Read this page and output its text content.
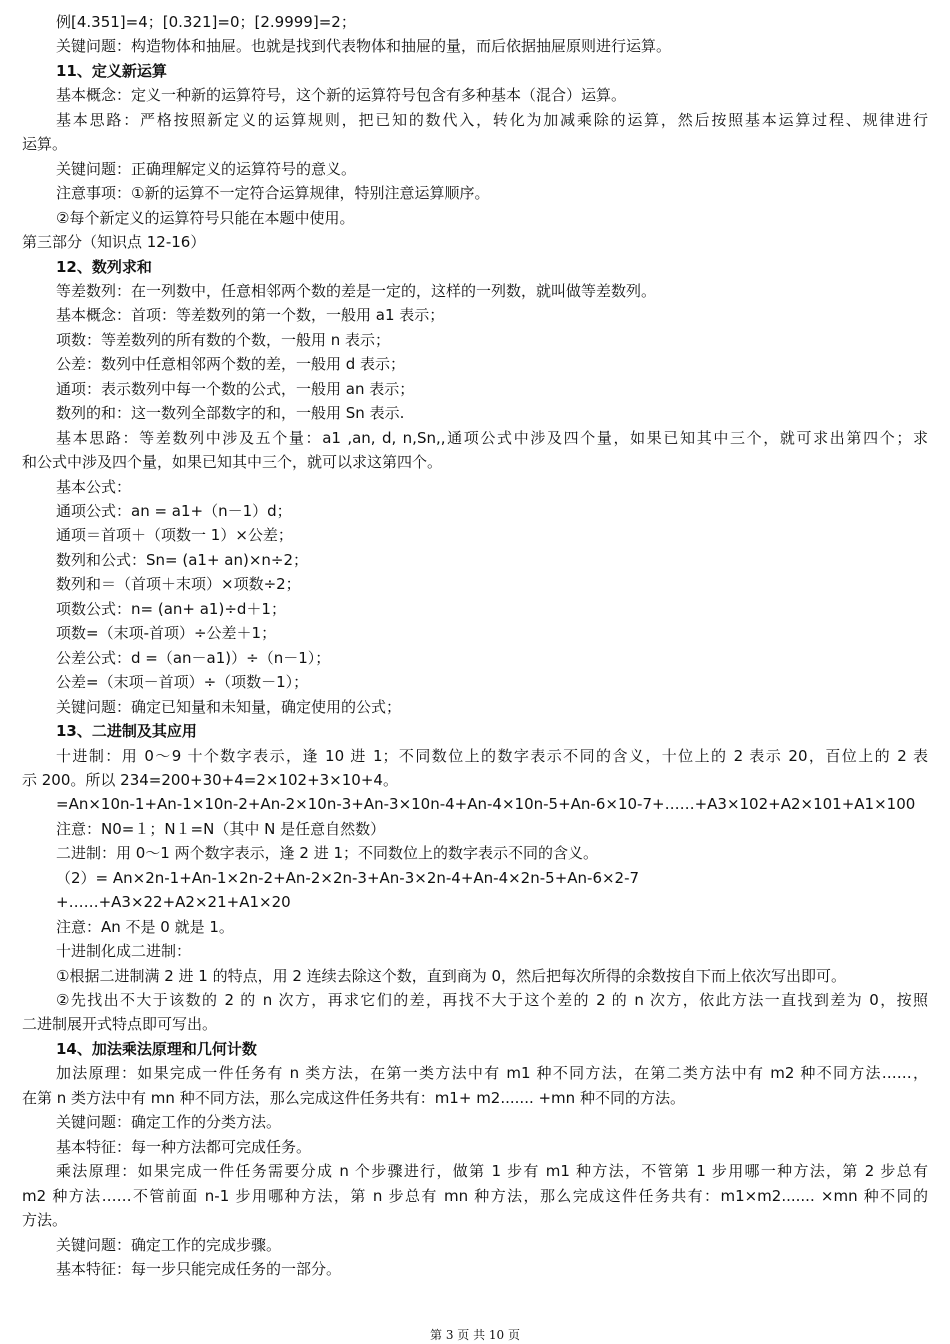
例[4.351]=4；[0.321]=0；[2.9999]=2；
关键问题：构造物体和抽屉。也就是找到代表物体和抽屉的量，而后依据抽屉原则进行运算。
11、定义新运算
基本概念：定义一种新的运算符号，这个新的运算符号包含有多种基本（混合）运算。
基本思路：严格按照新定义的运算规则，把已知的数代入，转化为加减乘除的运算，然后按照基本运算过程、规律进行
运算。
关键问题：正确理解定义的运算符号的意义。
注意事项：①新的运算不一定符合运算规律，特别注意运算顺序。
②每个新定义的运算符号只能在本题中使用。
第三部分（知识点 12-16）
12、数列求和
等差数列：在一列数中，任意相邻两个数的差是一定的，这样的一列数，就叫做等差数列。
基本概念：首项：等差数列的第一个数，一般用 a1 表示；
项数：等差数列的所有数的个数，一般用 n 表示；
公差：数列中任意相邻两个数的差，一般用 d 表示；
通项：表示数列中每一个数的公式，一般用 an 表示；
数列的和：这一数列全部数字的和，一般用 Sn 表示.
基本思路：等差数列中涉及五个量：a1 ,an, d, n,Sn,,通项公式中涉及四个量，如果已知其中三个，就可求出第四个；求
和公式中涉及四个量，如果已知其中三个，就可以求这第四个。
基本公式：
通项公式：an = a1+（n－1）d；
通项＝首项＋（项数一 1）×公差；
数列和公式：Sn= (a1+ an)×n÷2；
数列和＝（首项＋末项）×项数÷2；
项数公式：n= (an+ a1)÷d＋1；
项数=（末项-首项）÷公差＋1；
公差公式：d =（an－a1)）÷（n－1）；
公差=（末项－首项）÷（项数－1）；
关键问题：确定已知量和未知量，确定使用的公式；
13、二进制及其应用
十进制：用 0～9 十个数字表示，逢 10 进 1；不同数位上的数字表示不同的含义，十位上的 2 表示 20，百位上的 2 表
示 200。所以 234=200+30+4=2×102+3×10+4。
=An×10n-1+An-1×10n-2+An-2×10n-3+An-3×10n-4+An-4×10n-5+An-6×10-7+……+A3×102+A2×101+A1×100
注意：N0=１；N１=N（其中 N 是任意自然数）
二进制：用 0～1 两个数字表示，逢 2 进 1；不同数位上的数字表示不同的含义。
（2）= An×2n-1+An-1×2n-2+An-2×2n-3+An-3×2n-4+An-4×2n-5+An-6×2-7
+……+A3×22+A2×21+A1×20
注意：An 不是 0 就是 1。
十进制化成二进制：
①根据二进制满 2 进 1 的特点，用 2 连续去除这个数，直到商为 0，然后把每次所得的余数按自下而上依次写出即可。
②先找出不大于该数的 2 的 n 次方，再求它们的差，再找不大于这个差的 2 的 n 次方，依此方法一直找到差为 0，按照
二进制展开式特点即可写出。
14、加法乘法原理和几何计数
加法原理：如果完成一件任务有 n 类方法，在第一类方法中有 m1 种不同方法，在第二类方法中有 m2 种不同方法……，
在第 n 类方法中有 mn 种不同方法，那么完成这件任务共有：m1+ m2....... +mn 种不同的方法。
关键问题：确定工作的分类方法。
基本特征：每一种方法都可完成任务。
乘法原理：如果完成一件任务需要分成 n 个步骤进行，做第 1 步有 m1 种方法，不管第 1 步用哪一种方法，第 2 步总有
m2 种方法……不管前面 n-1 步用哪种方法，第 n 步总有 mn 种方法，那么完成这件任务共有：m1×m2....... ×mn 种不同的
方法。
关键问题：确定工作的完成步骤。
基本特征：每一步只能完成任务的一部分。
第 3 页 共 10 页
